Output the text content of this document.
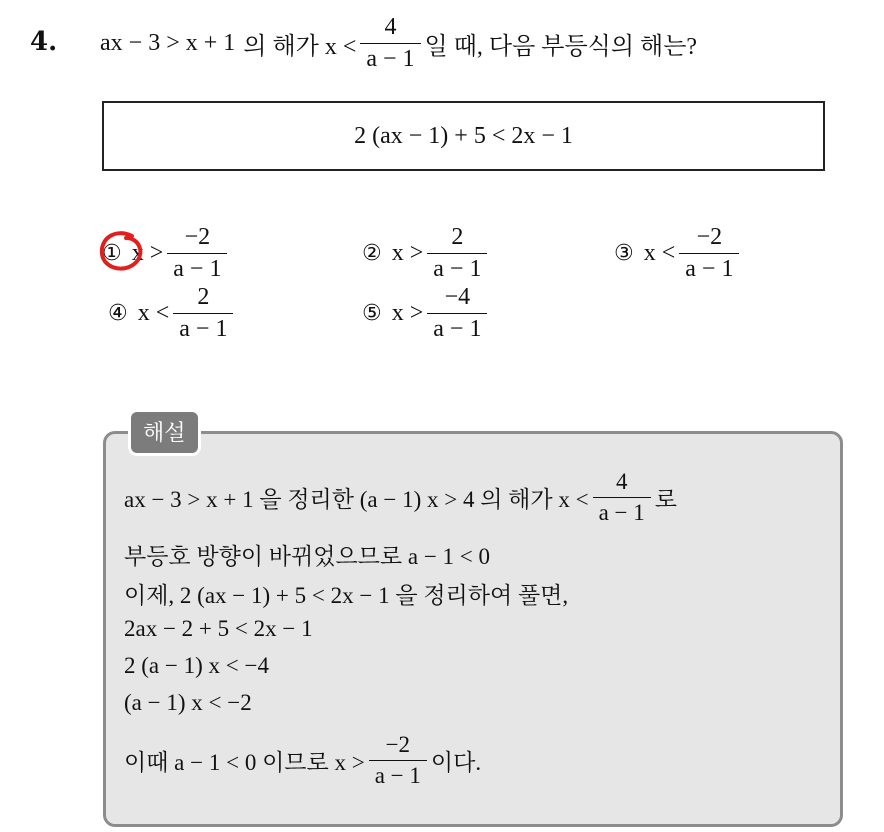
4. ax − 3 > x + 1 의 해가 $x < \frac{4}{a - 1}$ 일 때, 다음 부등식의 해는?
2 (ax − 1) + 5 < 2x − 1
① $x > \frac{-2}{a - 1}$	② $x > \frac{2}{a - 1}$	③ $x < \frac{-2}{a - 1}$
④ $x < \frac{2}{a - 1}$	⑤ $x > \frac{-4}{a - 1}$
해설
ax − 3 > x + 1 을 정리한 (a − 1) x > 4 의 해가 $x < \frac{4}{a - 1}$ 로
부등호 방향이 바뀌었으므로 a − 1 < 0
이제, 2 (ax − 1) + 5 < 2x − 1 을 정리하여 풀면,
2ax − 2 + 5 < 2x − 1
2 (a − 1) x < −4
(a − 1) x < −2
이때 a − 1 < 0 이므로 $x > \frac{-2}{a - 1}$ 이다.
